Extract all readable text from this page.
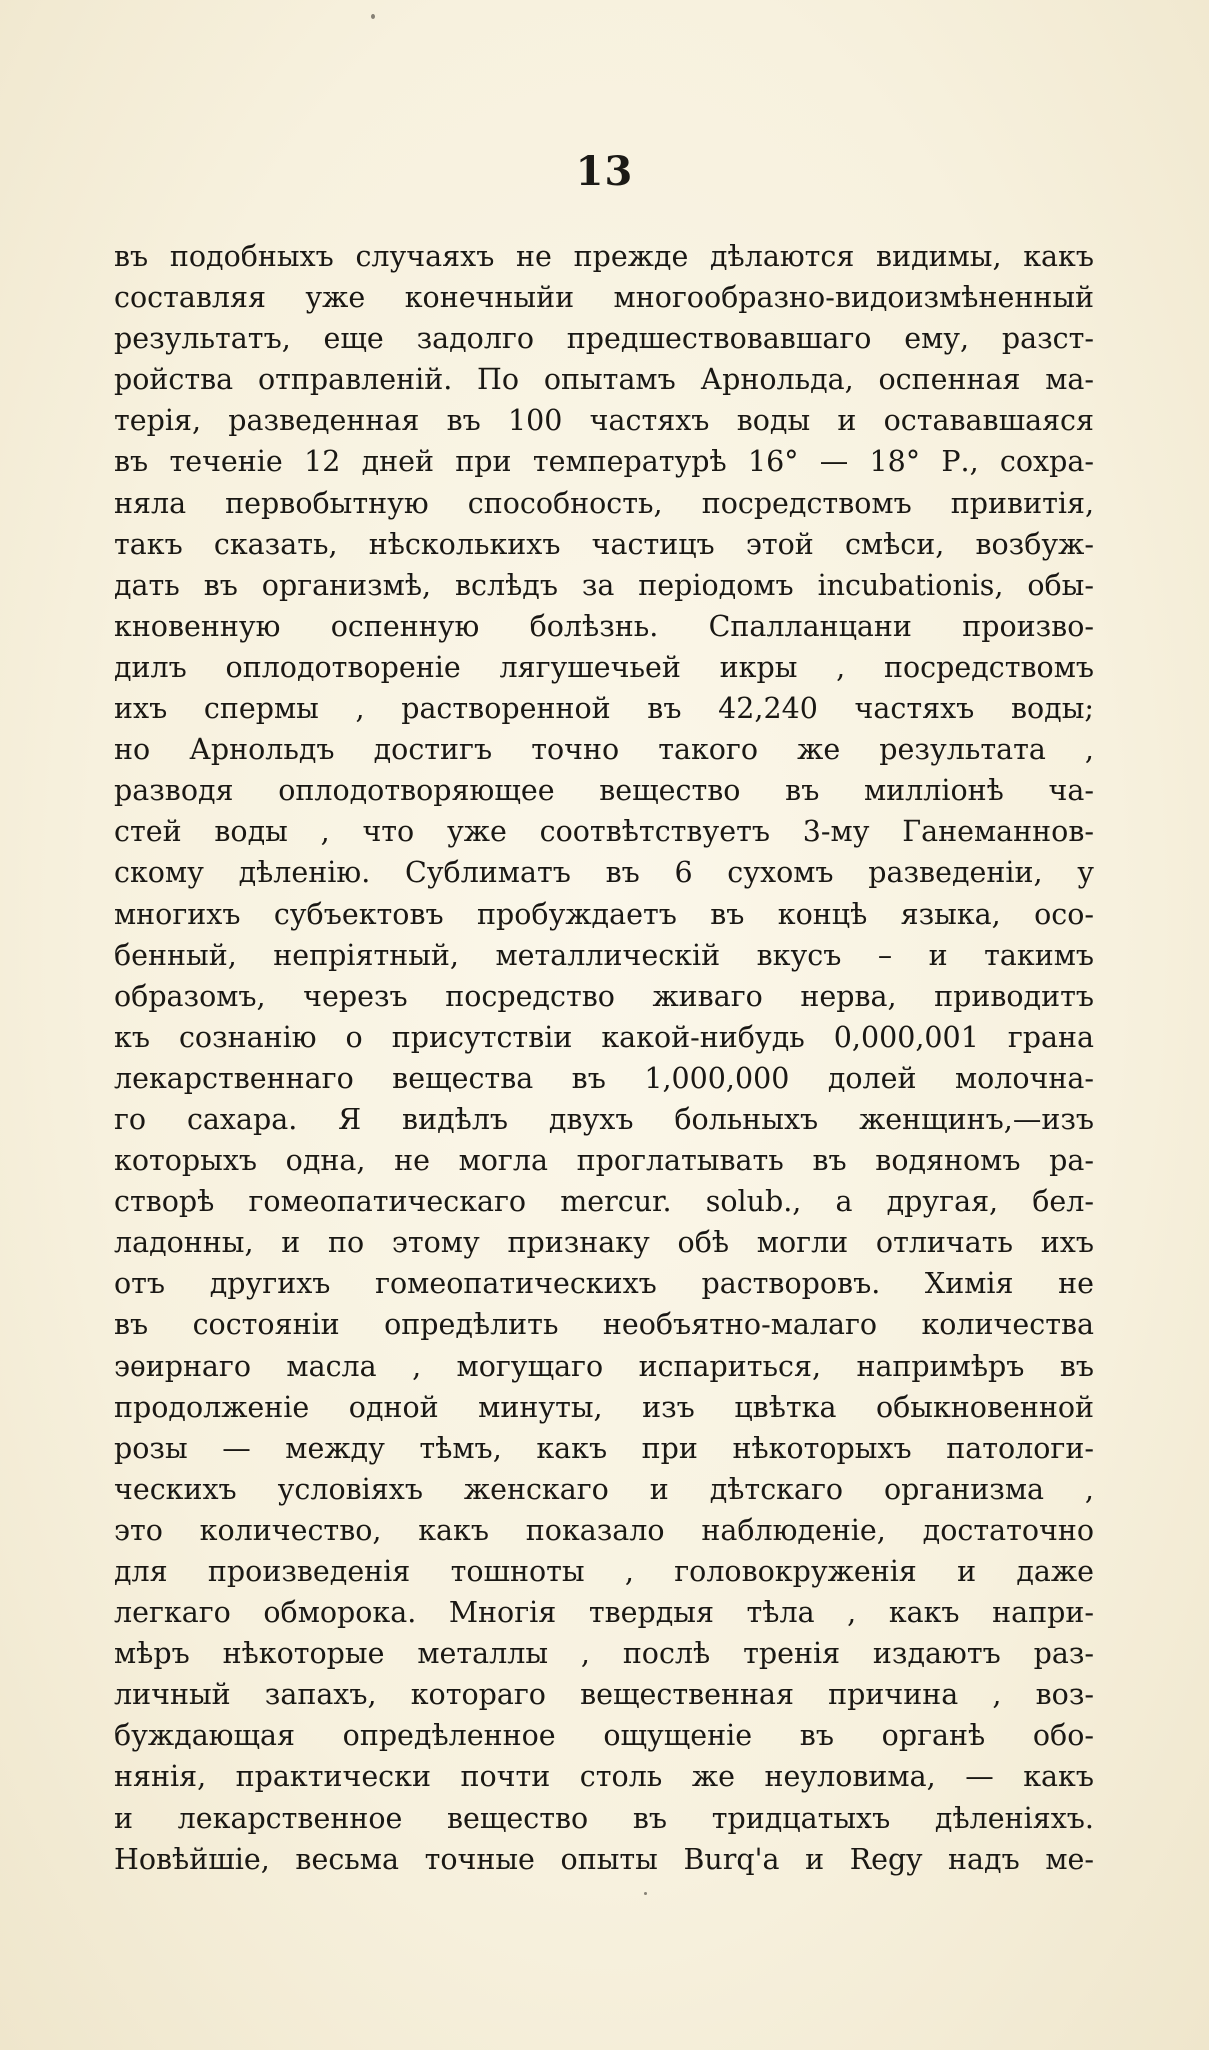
13
въ подобныхъ случаяхъ не прежде дѣлаются видимы, какъ
составляя уже конечныйи многообразно-видоизмѣненный
результатъ, еще задолго предшествовавшаго ему, разст-
ройства отправленій. По опытамъ Арнольда, оспенная ма-
терія, разведенная въ 100 частяхъ воды и остававшаяся
въ теченіе 12 дней при температурѣ 16° — 18° Р., сохра-
няла первобытную способность, посредствомъ привитія,
такъ сказать, нѣсколькихъ частицъ этой смѣси, возбуж-
дать въ организмѣ, вслѣдъ за періодомъ incubationis, обы-
кновенную оспенную болѣзнь. Спалланцани произво-
дилъ оплодотвореніе лягушечьей икры , посредствомъ
ихъ спермы , растворенной въ 42,240 частяхъ воды;
но Арнольдъ достигъ точно такого же результата ,
разводя оплодотворяющее вещество въ милліонѣ ча-
стей воды , что уже соотвѣтствуетъ 3-му Ганеманнов-
скому дѣленію. Сублиматъ въ 6 сухомъ разведеніи, у
многихъ субъектовъ пробуждаетъ въ концѣ языка, осо-
бенный, непріятный, металлическій вкусъ – и такимъ
образомъ, черезъ посредство живаго нерва, приводитъ
къ сознанію о присутствіи какой-нибудь 0,000,001 грана
лекарственнаго вещества въ 1,000,000 долей молочна-
го сахара. Я видѣлъ двухъ больныхъ женщинъ,—изъ
которыхъ одна, не могла проглатывать въ водяномъ ра-
створѣ гомеопатическаго mercur. solub., а другая, бел-
ладонны, и по этому признаку обѣ могли отличать ихъ
отъ другихъ гомеопатическихъ растворовъ. Химія не
въ состояніи опредѣлить необъятно-малаго количества
эѳирнаго масла , могущаго испариться, напримѣръ въ
продолженіе одной минуты, изъ цвѣтка обыкновенной
розы — между тѣмъ, какъ при нѣкоторыхъ патологи-
ческихъ условіяхъ женскаго и дѣтскаго организма ,
это количество, какъ показало наблюденіе, достаточно
для произведенія тошноты , головокруженія и даже
легкаго обморока. Многія твердыя тѣла , какъ напри-
мѣръ нѣкоторые металлы , послѣ тренія издаютъ раз-
личный запахъ, котораго вещественная причина , воз-
буждающая опредѣленное ощущеніе въ органѣ обо-
нянія, практически почти столь же неуловима, — какъ
и лекарственное вещество въ тридцатыхъ дѣленіяхъ.
Новѣйшіе, весьма точные опыты Burq'a и Regy надъ ме-
